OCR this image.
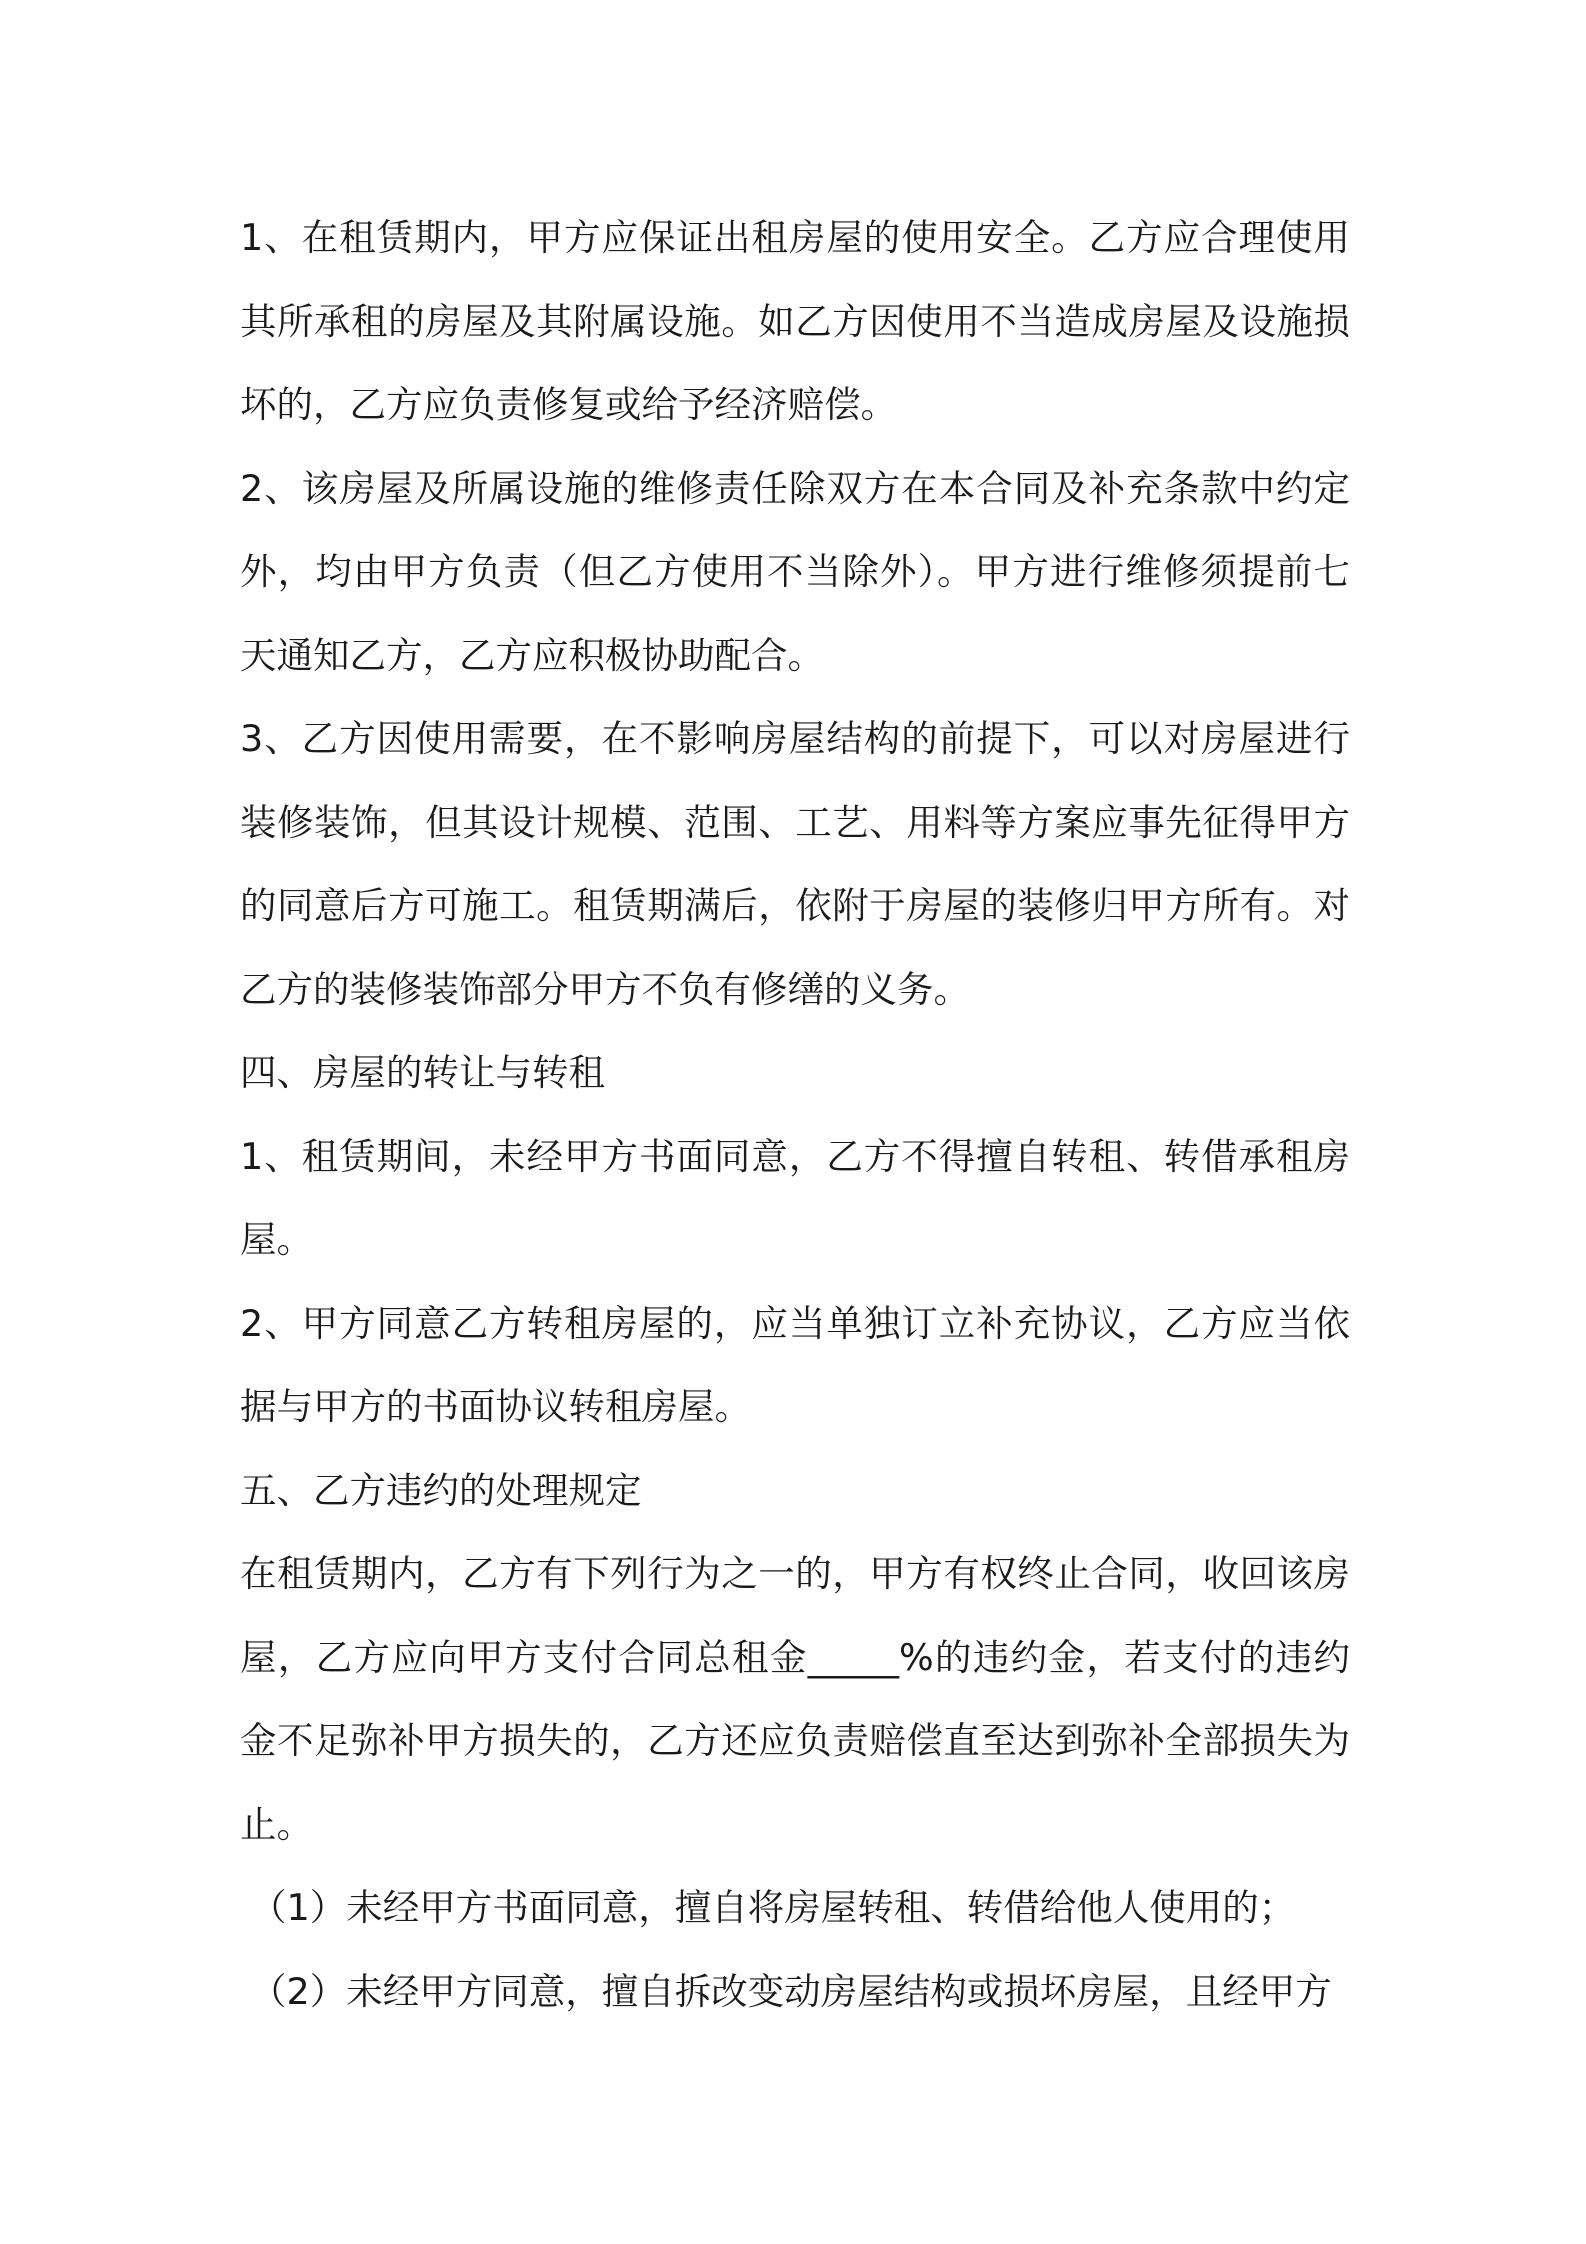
1、在租赁期内，甲方应保证出租房屋的使用安全。乙方应合理使用其所承租的房屋及其附属设施。如乙方因使用不当造成房屋及设施损坏的，乙方应负责修复或给予经济赔偿。

2、该房屋及所属设施的维修责任除双方在本合同及补充条款中约定外，均由甲方负责（但乙方使用不当除外）。甲方进行维修须提前七天通知乙方，乙方应积极协助配合。

3、乙方因使用需要，在不影响房屋结构的前提下，可以对房屋进行装修装饰，但其设计规模、范围、工艺、用料等方案应事先征得甲方的同意后方可施工。租赁期满后，依附于房屋的装修归甲方所有。对乙方的装修装饰部分甲方不负有修缮的义务。

四、房屋的转让与转租

1、租赁期间，未经甲方书面同意，乙方不得擅自转租、转借承租房屋。

2、甲方同意乙方转租房屋的，应当单独订立补充协议，乙方应当依据与甲方的书面协议转租房屋。

五、乙方违约的处理规定

在租赁期内，乙方有下列行为之一的，甲方有权终止合同，收回该房屋，乙方应向甲方支付合同总租金_____%的违约金，若支付的违约金不足弥补甲方损失的，乙方还应负责赔偿直至达到弥补全部损失为止。

（1）未经甲方书面同意，擅自将房屋转租、转借给他人使用的；

（2）未经甲方同意，擅自拆改变动房屋结构或损坏房屋，且经甲方
